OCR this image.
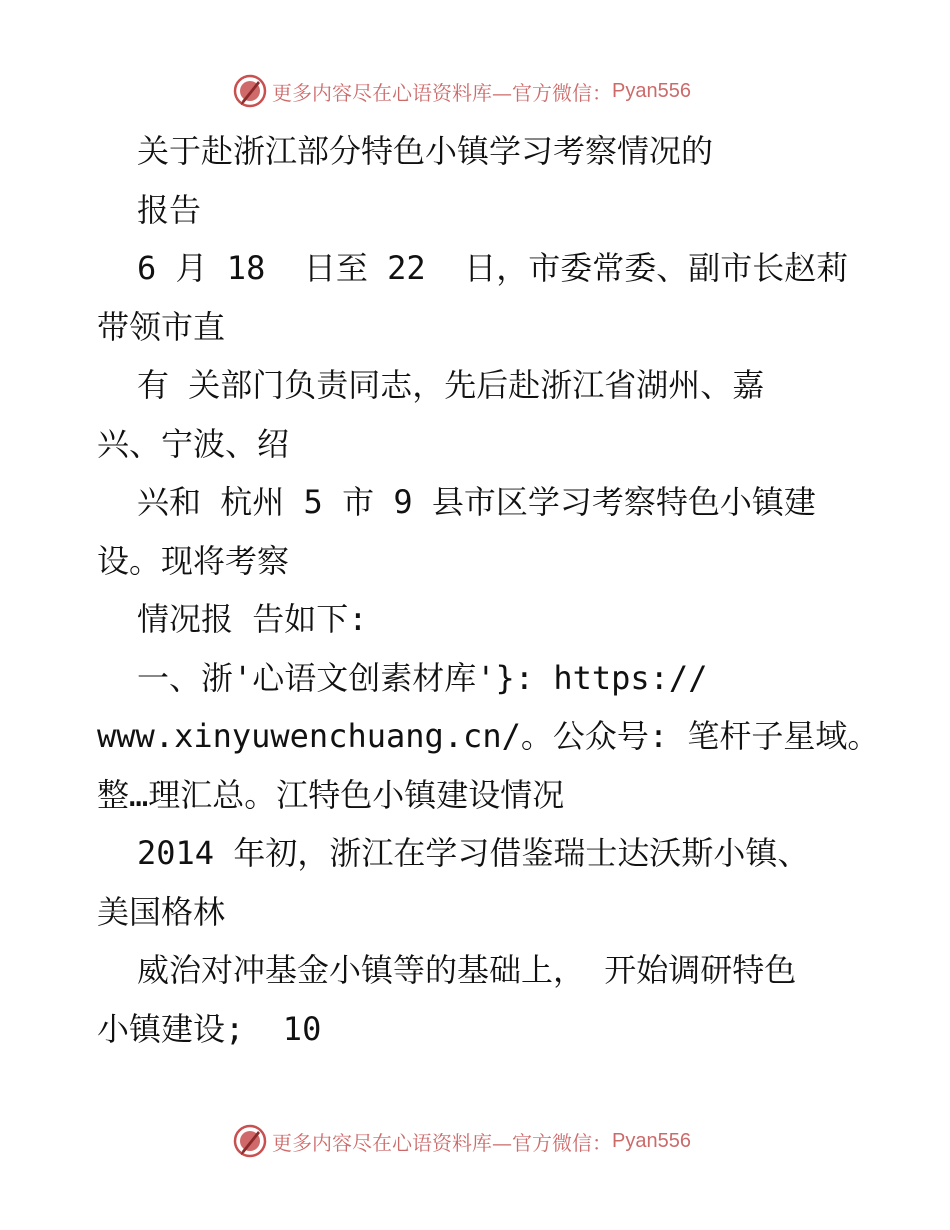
更多内容尽在心语资料库—官方微信： Pyan556
关于赴浙江部分特色小镇学习考察情况的
报告
6 月 18  日至 22  日，市委常委、副市长赵莉
带领市直
有 关部门负责同志，先后赴浙江省湖州、嘉
兴、宁波、绍
兴和 杭州 5 市 9 县市区学习考察特色小镇建
设。现将考察
情况报 告如下:
一、浙'心语文创素材库'}: https://
www.xinyuwenchuang.cn/。公众号: 笔杆子星域。
整…理汇总。江特色小镇建设情况
2014 年初，浙江在学习借鉴瑞士达沃斯小镇、
美国格林
威治对冲基金小镇等的基础上， 开始调研特色
小镇建设;  10
更多内容尽在心语资料库—官方微信： Pyan556
